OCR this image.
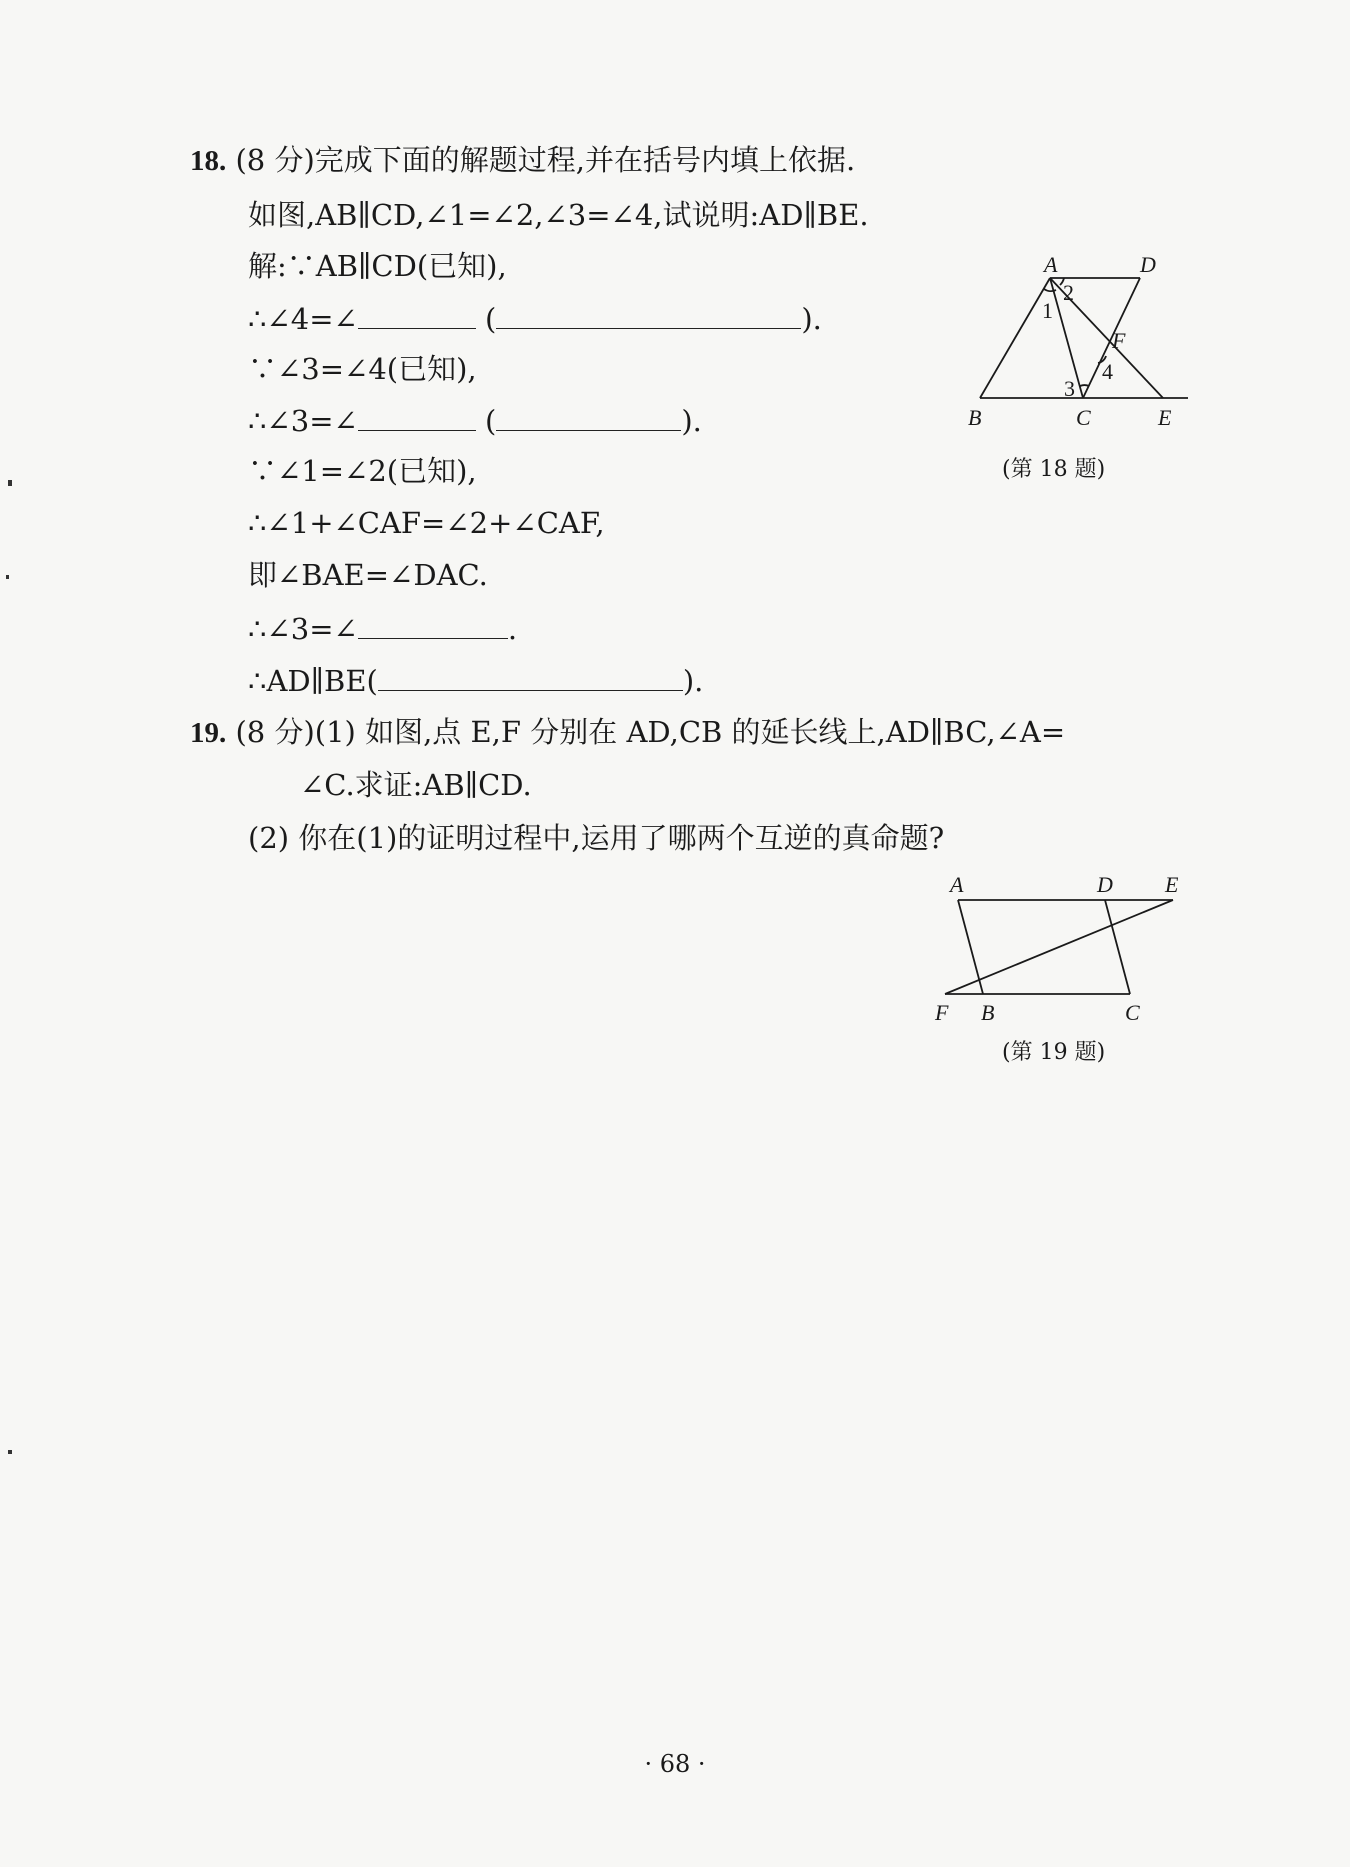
18. (8 分)完成下面的解题过程,并在括号内填上依据.
如图,AB∥CD,∠1=∠2,∠3=∠4,试说明:AD∥BE.
解:∵AB∥CD(已知),
∴∠4=∠	(	).
∵∠3=∠4(已知),
∴∠3=∠	(	).
∵∠1=∠2(已知),
∴∠1+∠CAF=∠2+∠CAF,
即∠BAE=∠DAC.
∴∠3=∠	.
∴AD∥BE(	).
A	D
B	C	E
F
1
2
3
4
(第 18 题)
19. (8 分)(1) 如图,点 E,F 分别在 AD,CB 的延长线上,AD∥BC,∠A=
∠C.求证:AB∥CD.
(2) 你在(1)的证明过程中,运用了哪两个互逆的真命题?
A	D E
F B	C
(第 19 题)
· 68 ·
